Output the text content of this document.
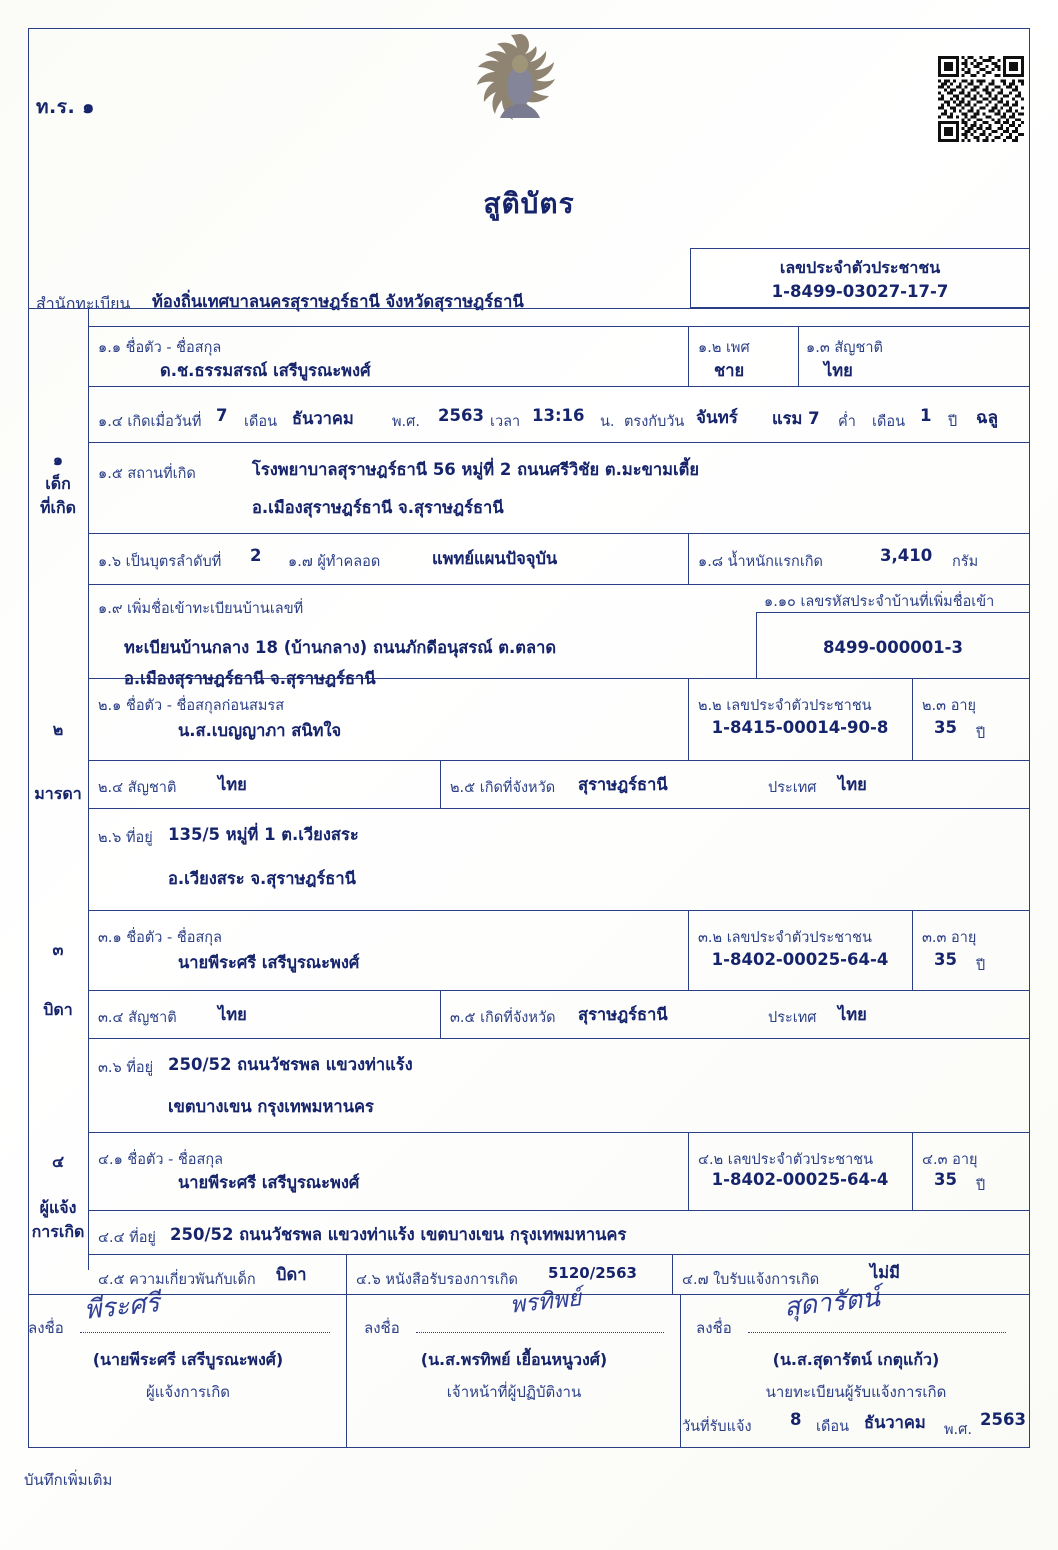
ท.ร. ๑
สูติบัตร
เลขประจำตัวประชาชน
1-8499-03027-17-7
สำนักทะเบียน ท้องถิ่นเทศบาลนครสุราษฎร์ธานี จังหวัดสุราษฎร์ธานี
๑
เด็ก
ที่เกิด
๑.๑ ชื่อตัว - ชื่อสกุล
ด.ช.ธรรมสรณ์ เสรีบูรณะพงศ์
๑.๒ เพศ
ชาย
๑.๓ สัญชาติ
ไทย
๑.๔ เกิดเมื่อวันที่ 7 เดือน ธันวาคม	พ.ศ. 2563 เวลา 13:16 น. ตรงกับวัน จันทร์ แรม 7 ค่ำ เดือน 1 ปี ฉลู
๑.๕ สถานที่เกิด	โรงพยาบาลสุราษฎร์ธานี 56 หมู่ที่ 2 ถนนศรีวิชัย ต.มะขามเตี้ย
อ.เมืองสุราษฎร์ธานี จ.สุราษฎร์ธานี
๑.๖ เป็นบุตรลำดับที่ 2 ๑.๗ ผู้ทำคลอด	แพทย์แผนปัจจุบัน	๑.๘ น้ำหนักแรกเกิด	3,410 กรัม
๑.๙ เพิ่มชื่อเข้าทะเบียนบ้านเลขที่
ทะเบียนบ้านกลาง 18 (บ้านกลาง) ถนนภักดีอนุสรณ์ ต.ตลาด
อ.เมืองสุราษฎร์ธานี จ.สุราษฎร์ธานี
๑.๑๐ เลขรหัสประจำบ้านที่เพิ่มชื่อเข้า
8499-000001-3
๒
มารดา
๒.๑ ชื่อตัว - ชื่อสกุลก่อนสมรส
น.ส.เบญญาภา สนิทใจ
๒.๒ เลขประจำตัวประชาชน
1-8415-00014-90-8
๒.๓ อายุ
35 ปี
๒.๔ สัญชาติ	ไทย	๒.๕ เกิดที่จังหวัด สุราษฎร์ธานี	ประเทศ ไทย
๒.๖ ที่อยู่ 135/5 หมู่ที่ 1 ต.เวียงสระ
อ.เวียงสระ จ.สุราษฎร์ธานี
๓
บิดา
๓.๑ ชื่อตัว - ชื่อสกุล
นายพีระศรี เสรีบูรณะพงศ์
๓.๒ เลขประจำตัวประชาชน
1-8402-00025-64-4
๓.๓ อายุ
35 ปี
๓.๔ สัญชาติ	ไทย	๓.๕ เกิดที่จังหวัด สุราษฎร์ธานี	ประเทศ ไทย
๓.๖ ที่อยู่ 250/52 ถนนวัชรพล แขวงท่าแร้ง
เขตบางเขน กรุงเทพมหานคร
๔
ผู้แจ้ง
การเกิด
๔.๑ ชื่อตัว - ชื่อสกุล
นายพีระศรี เสรีบูรณะพงศ์
๔.๒ เลขประจำตัวประชาชน
1-8402-00025-64-4
๔.๓ อายุ
35 ปี
๔.๔ ที่อยู่ 250/52 ถนนวัชรพล แขวงท่าแร้ง เขตบางเขน กรุงเทพมหานคร
๔.๕ ความเกี่ยวพันกับเด็ก บิดา	๔.๖ หนังสือรับรองการเกิด 5120/2563	๔.๗ ใบรับแจ้งการเกิด	ไม่มี
ลงชื่อ
พีระศรี
(นายพีระศรี เสรีบูรณะพงศ์)
ผู้แจ้งการเกิด
ลงชื่อ
พรทิพย์
(น.ส.พรทิพย์ เยื้อนหนูวงศ์)
เจ้าหน้าที่ผู้ปฏิบัติงาน
ลงชื่อ
สุดารัตน์
(น.ส.สุดารัตน์ เกตุแก้ว)
นายทะเบียนผู้รับแจ้งการเกิด
วันที่รับแจ้ง 8 เดือน ธันวาคม พ.ศ.
2563
บันทึกเพิ่มเติม
